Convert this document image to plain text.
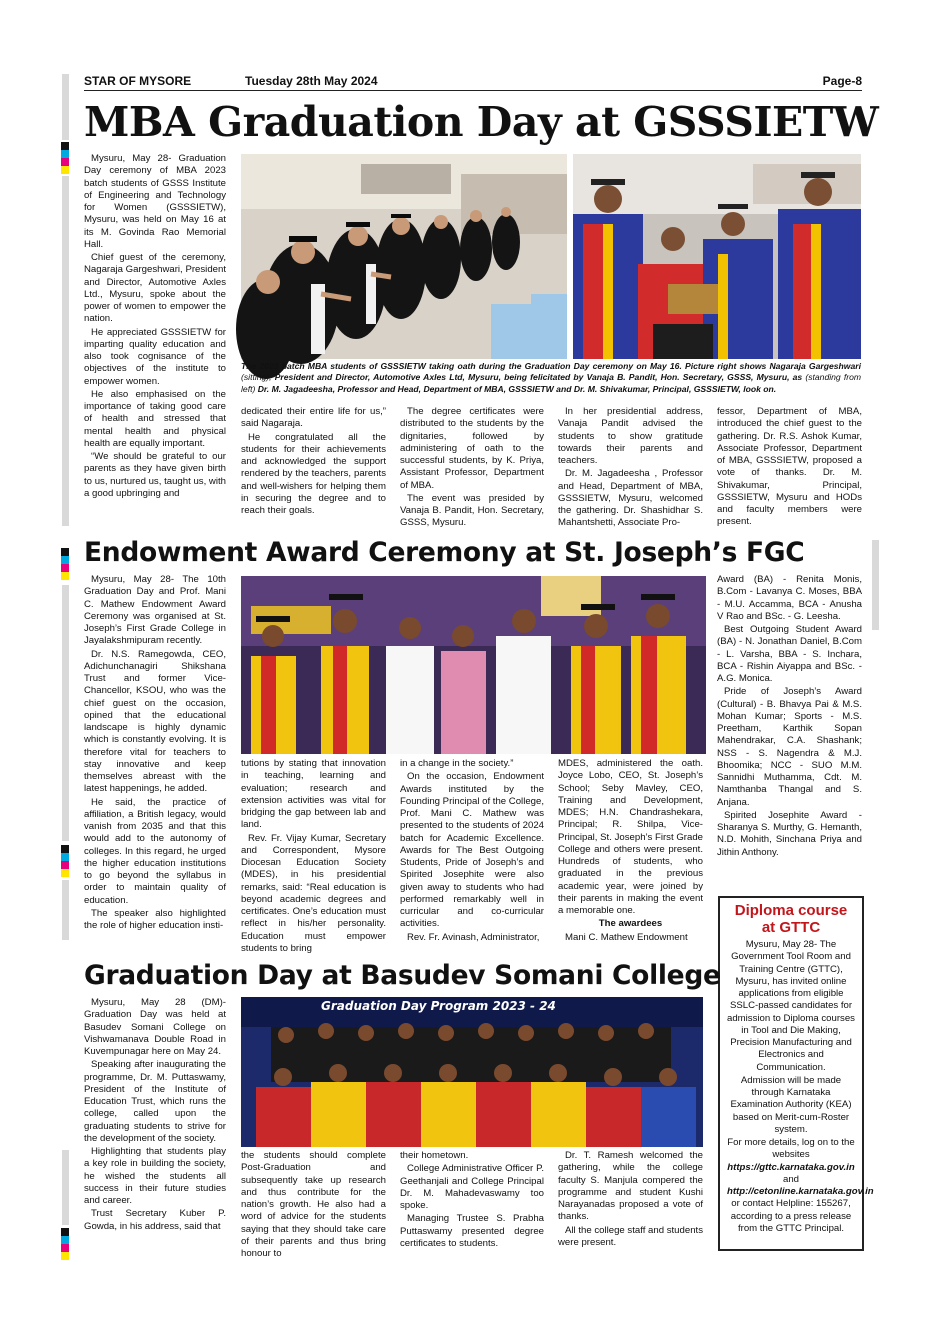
STAR OF MYSORE	Tuesday 28th May 2024	Page-8
MBA Graduation Day at GSSSIETW

Mysuru, May 28- Graduation Day ceremony of MBA 2023 batch students of GSSS Institute of Engineering and Technology for Women (GSSSIETW), Mysuru, was held on May 16 at its M. Govinda Rao Memorial Hall.

Chief guest of the ceremony, Nagaraja Gargeshwari, President and Director, Automotive Axles Ltd., Mysuru, spoke about the power of women to empower the nation.

He appreciated GSSSIETW for imparting quality education and also took cognisance of the objectives of the institute to empower women.

He also emphasised on the importance of taking good care of health and stressed that mental health and physical health are equally important.

“We should be grateful to our parents as they have given birth to us, nurtured us, taught us, with a good upbringing and

The 2023 batch MBA students of GSSSIETW taking oath during the Graduation Day ceremony on May 16. Picture right shows Nagaraja Gargeshwari (sitting), President and Director, Automotive Axles Ltd, Mysuru, being felicitated by Vanaja B. Pandit, Hon. Secretary, GSSS, Mysuru, as (standing from left) Dr. M. Jagadeesha, Professor and Head, Department of MBA, GSSSIETW and Dr. M. Shivakumar, Principal, GSSSIETW, look on.

dedicated their entire life for us,” said Nagaraja.

He congratulated all the students for their achievements and acknowledged the support rendered by the teachers, parents and well-wishers for helping them in securing the degree and to reach their goals.

The degree certificates were distributed to the students by the dignitaries, followed by administering of oath to the successful students, by K. Priya, Assistant Professor, Department of MBA.

The event was presided by Vanaja B. Pandit, Hon. Secretary, GSSS, Mysuru.

In her presidential address, Vanaja Pandit advised the students to show gratitude towards their parents and teachers.

Dr. M. Jagadeesha , Professor and Head, Department of MBA, GSSSIETW, Mysuru, welcomed the gathering. Dr. Shashidhar S. Mahantshetti, Associate Pro-

fessor, Department of MBA, introduced the chief guest to the gathering. Dr. R.S. Ashok Kumar, Associate Professor, Department of MBA, GSSSIETW, proposed a vote of thanks. Dr. M. Shivakumar, Principal, GSSSIETW, Mysuru and HODs and faculty members were present.

Endowment Award Ceremony at St. Joseph’s FGC

Mysuru, May 28- The 10th Graduation Day and Prof. Mani C. Mathew Endowment Award Ceremony was organised at St. Joseph’s First Grade College in Jayalakshmipuram recently.

Dr. N.S. Ramegowda, CEO, Adichunchanagiri Shikshana Trust and former Vice-Chancellor, KSOU, who was the chief guest on the occasion, opined that the educational landscape is highly dynamic which is constantly evolving. It is therefore vital for teachers to stay innovative and keep themselves abreast with the latest happenings, he added.

He said, the practice of affiliation, a British legacy, would vanish from 2035 and that this would add to the autonomy of colleges. In this regard, he urged the higher education institutions to go beyond the syllabus in order to maintain quality of education.

The speaker also highlighted the role of higher education insti-

tutions by stating that innovation in teaching, learning and evaluation; research and extension activities was vital for bridging the gap between lab and land.

Rev. Fr. Vijay Kumar, Secretary and Correspondent, Mysore Diocesan Education Society (MDES), in his presidential remarks, said: “Real education is beyond academic degrees and certificates. One’s education must reflect in his/her personality. Education must empower students to bring

in a change in the society.”

On the occasion, Endowment Awards instituted by the Founding Principal of the College, Prof. Mani C. Mathew was presented to the students of 2024 batch for Academic Excellence. Awards for The Best Outgoing Students, Pride of Joseph’s and Spirited Josephite were also given away to students who had performed remarkably well in curricular and co-curricular activities.

Rev. Fr. Avinash, Administrator,

MDES, administered the oath. Joyce Lobo, CEO, St. Joseph’s School; Seby Mavley, CEO, Training and Development, MDES; H.N. Chandrashekara, Principal; R. Shilpa, Vice-Principal, St. Joseph’s First Grade College and others were present. Hundreds of students, who graduated in the previous academic year, were joined by their parents in making the event a memorable one.

The awardees

Mani C. Mathew Endowment

Award (BA) - Renita Monis, B.Com - Lavanya C. Moses, BBA - M.U. Accamma, BCA - Anusha V Rao and BSc. - G. Leesha.

Best Outgoing Student Award (BA) - N. Jonathan Daniel, B.Com - L. Varsha, BBA - S. Inchara, BCA - Rishin Aiyappa and BSc. - A.G. Monica.

Pride of Joseph’s Award (Cultural) - B. Bhavya Pai & M.S. Mohan Kumar; Sports - M.S. Preetham, Karthik Sopan Mahendrakar, C.A. Shashank; NSS - S. Nagendra & M.J. Bhoomika; NCC - SUO M.M. Sannidhi Muthamma, Cdt. M. Namthanba Thangal and S. Anjana.

Spirited Josephite Award - Sharanya S. Murthy, G. Hemanth, N.D. Mohith, Sinchana Priya and Jithin Anthony.

Diploma course
at GTTC

Mysuru, May 28- The Government Tool Room and Training Centre (GTTC), Mysuru, has invited online applications from eligible SSLC-passed candidates for admission to Diploma courses in Tool and Die Making, Precision Manufacturing and Electronics and Communication.

Admission will be made through Karnataka Examination Authority (KEA) based on Merit-cum-Roster system.

For more details, log on to the websites https://gttc.karnataka.gov.in and http://cetonline.karnataka.gov.in or contact Helpline: 155267, according to a press release from the GTTC Principal.

Graduation Day at Basudev Somani College

Mysuru, May 28 (DM)- Graduation Day was held at Basudev Somani College on Vishwamanava Double Road in Kuvempunagar here on May 24.

Speaking after inaugurating the programme, Dr. M. Puttaswamy, President of the Institute of Education Trust, which runs the college, called upon the graduating students to strive for the development of the society.

Highlighting that students play a key role in building the society, he wished the students all success in their future studies and career.

Trust Secretary Kuber P. Gowda, in his address, said that

Graduation Day Program 2023 - 24

the students should complete Post-Graduation and subsequently take up research and thus contribute for the nation’s growth. He also had a word of advice for the students saying that they should take care of their parents and thus bring honour to

their hometown.

College Administrative Officer P. Geethanjali and College Principal Dr. M. Mahadevaswamy too spoke.

Managing Trustee S. Prabha Puttaswamy presented degree certificates to students.

Dr. T. Ramesh welcomed the gathering, while the college faculty S. Manjula compered the programme and student Kushi Narayanadas proposed a vote of thanks.

All the college staff and students were present.
